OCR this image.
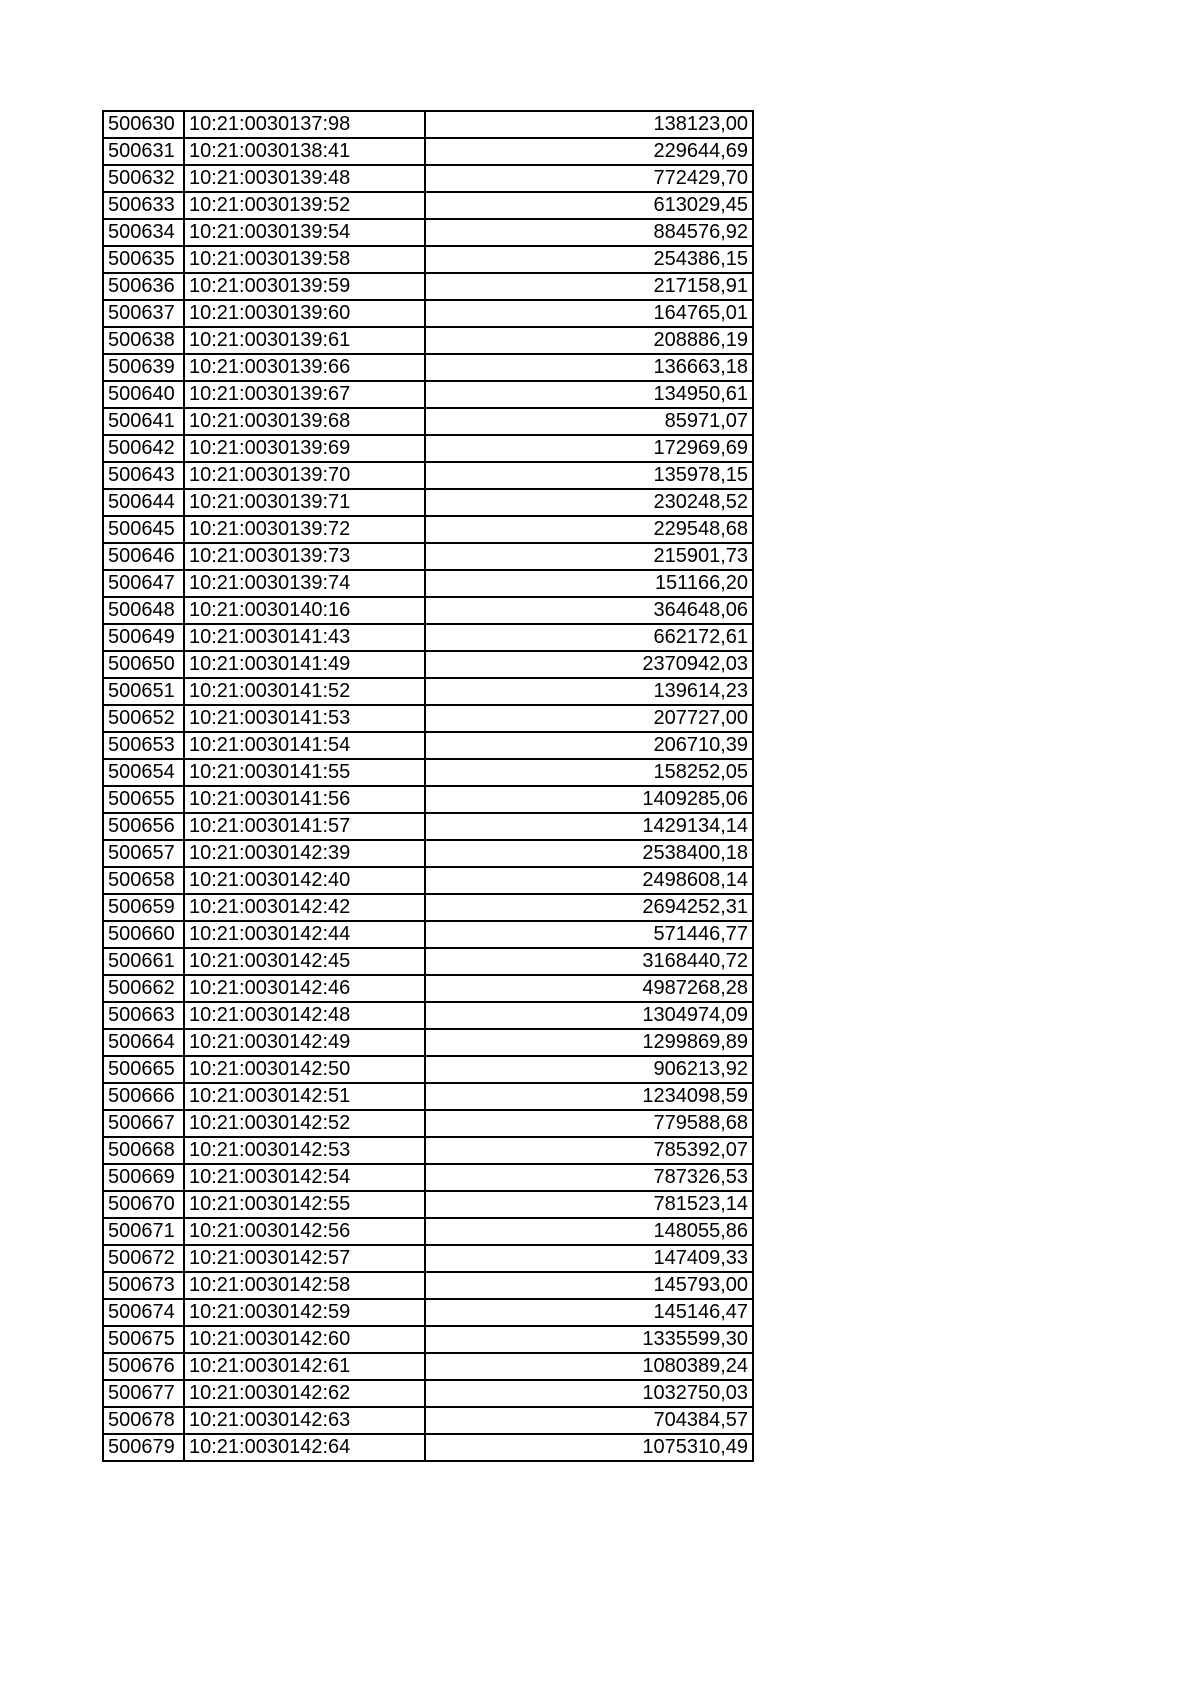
500630	10:21:0030137:98	138123,00
500631	10:21:0030138:41	229644,69
500632	10:21:0030139:48	772429,70
500633	10:21:0030139:52	613029,45
500634	10:21:0030139:54	884576,92
500635	10:21:0030139:58	254386,15
500636	10:21:0030139:59	217158,91
500637	10:21:0030139:60	164765,01
500638	10:21:0030139:61	208886,19
500639	10:21:0030139:66	136663,18
500640	10:21:0030139:67	134950,61
500641	10:21:0030139:68	85971,07
500642	10:21:0030139:69	172969,69
500643	10:21:0030139:70	135978,15
500644	10:21:0030139:71	230248,52
500645	10:21:0030139:72	229548,68
500646	10:21:0030139:73	215901,73
500647	10:21:0030139:74	151166,20
500648	10:21:0030140:16	364648,06
500649	10:21:0030141:43	662172,61
500650	10:21:0030141:49	2370942,03
500651	10:21:0030141:52	139614,23
500652	10:21:0030141:53	207727,00
500653	10:21:0030141:54	206710,39
500654	10:21:0030141:55	158252,05
500655	10:21:0030141:56	1409285,06
500656	10:21:0030141:57	1429134,14
500657	10:21:0030142:39	2538400,18
500658	10:21:0030142:40	2498608,14
500659	10:21:0030142:42	2694252,31
500660	10:21:0030142:44	571446,77
500661	10:21:0030142:45	3168440,72
500662	10:21:0030142:46	4987268,28
500663	10:21:0030142:48	1304974,09
500664	10:21:0030142:49	1299869,89
500665	10:21:0030142:50	906213,92
500666	10:21:0030142:51	1234098,59
500667	10:21:0030142:52	779588,68
500668	10:21:0030142:53	785392,07
500669	10:21:0030142:54	787326,53
500670	10:21:0030142:55	781523,14
500671	10:21:0030142:56	148055,86
500672	10:21:0030142:57	147409,33
500673	10:21:0030142:58	145793,00
500674	10:21:0030142:59	145146,47
500675	10:21:0030142:60	1335599,30
500676	10:21:0030142:61	1080389,24
500677	10:21:0030142:62	1032750,03
500678	10:21:0030142:63	704384,57
500679	10:21:0030142:64	1075310,49
